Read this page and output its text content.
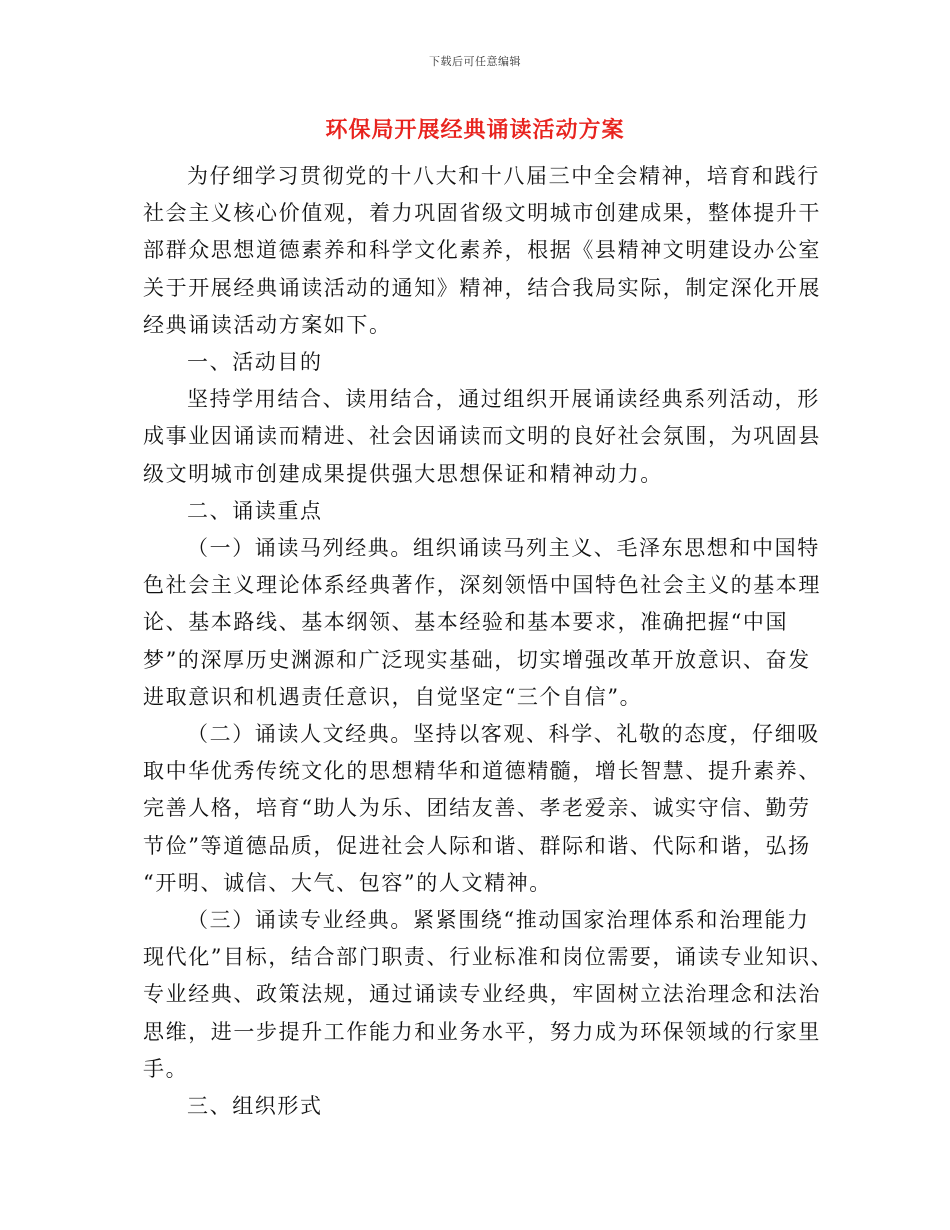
下载后可任意编辑
环保局开展经典诵读活动方案

为仔细学习贯彻党的十八大和十八届三中全会精神，培育和践行
社会主义核心价值观，着力巩固省级文明城市创建成果，整体提升干
部群众思想道德素养和科学文化素养，根据《县精神文明建设办公室
关于开展经典诵读活动的通知》精神，结合我局实际，制定深化开展
经典诵读活动方案如下。

一、活动目的

坚持学用结合、读用结合，通过组织开展诵读经典系列活动，形
成事业因诵读而精进、社会因诵读而文明的良好社会氛围，为巩固县
级文明城市创建成果提供强大思想保证和精神动力。

二、诵读重点

（一）诵读马列经典。组织诵读马列主义、毛泽东思想和中国特
色社会主义理论体系经典著作，深刻领悟中国特色社会主义的基本理
论、基本路线、基本纲领、基本经验和基本要求，准确把握“中国
梦”的深厚历史渊源和广泛现实基础，切实增强改革开放意识、奋发
进取意识和机遇责任意识，自觉坚定“三个自信”。

（二）诵读人文经典。坚持以客观、科学、礼敬的态度，仔细吸
取中华优秀传统文化的思想精华和道德精髓，增长智慧、提升素养、
完善人格，培育“助人为乐、团结友善、孝老爱亲、诚实守信、勤劳
节俭”等道德品质，促进社会人际和谐、群际和谐、代际和谐，弘扬
“开明、诚信、大气、包容”的人文精神。

（三）诵读专业经典。紧紧围绕“推动国家治理体系和治理能力
现代化”目标，结合部门职责、行业标准和岗位需要，诵读专业知识、
专业经典、政策法规，通过诵读专业经典，牢固树立法治理念和法治
思维，进一步提升工作能力和业务水平，努力成为环保领域的行家里
手。

三、组织形式
